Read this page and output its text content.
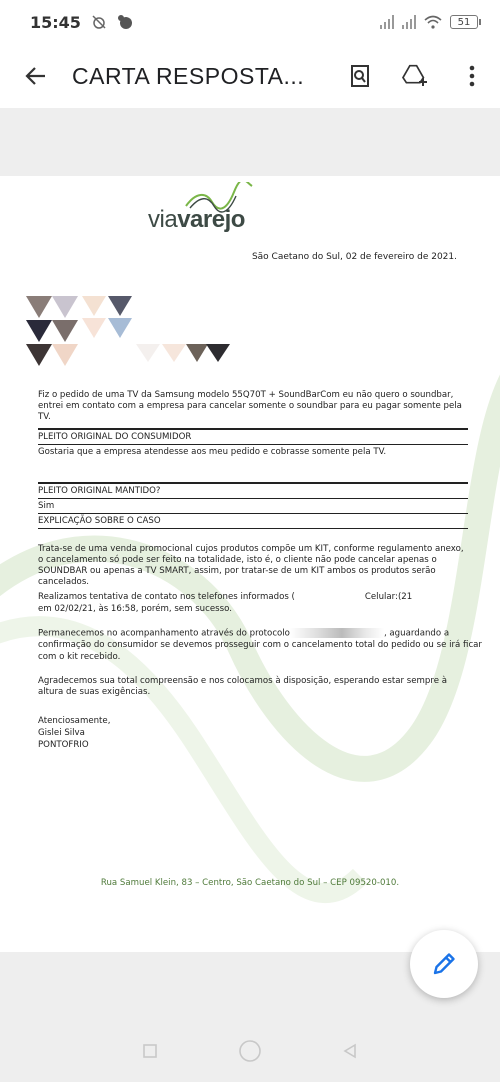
15:45	51
CARTA RESPOSTA...
viavarejo
São Caetano do Sul, 02 de fevereiro de 2021.
Fiz o pedido de uma TV da Samsung modelo 55Q70T + SoundBarCom eu não quero o soundbar, entrei em contato com a empresa para cancelar somente o soundbar para eu pagar somente pela TV.
PLEITO ORIGINAL DO CONSUMIDOR
Gostaria que a empresa atendesse aos meu pedido e cobrasse somente pela TV.
PLEITO ORIGINAL MANTIDO?
Sim
EXPLICAÇÃO SOBRE O CASO
Trata-se de uma venda promocional cujos produtos compõe um KIT, conforme regulamento anexo, o cancelamento só pode ser feito na totalidade, isto é, o cliente não pode cancelar apenas o SOUNDBAR ou apenas a TV SMART, assim, por tratar-se de um KIT ambos os produtos serão cancelados.
Realizamos tentativa de contato nos telefones informados (	Celular:(21
em 02/02/21, às 16:58, porém, sem sucesso.
Permanecemos no acompanhamento através do protocolo	, aguardando a
confirmação do consumidor se devemos prosseguir com o cancelamento total do pedido ou se irá ficar
com o kit recebido.
Agradecemos sua total compreensão e nos colocamos à disposição, esperando estar sempre à altura de suas exigências.
Atenciosamente,
Gislei Silva
PONTOFRIO
Rua Samuel Klein, 83 – Centro, São Caetano do Sul – CEP 09520-010.
